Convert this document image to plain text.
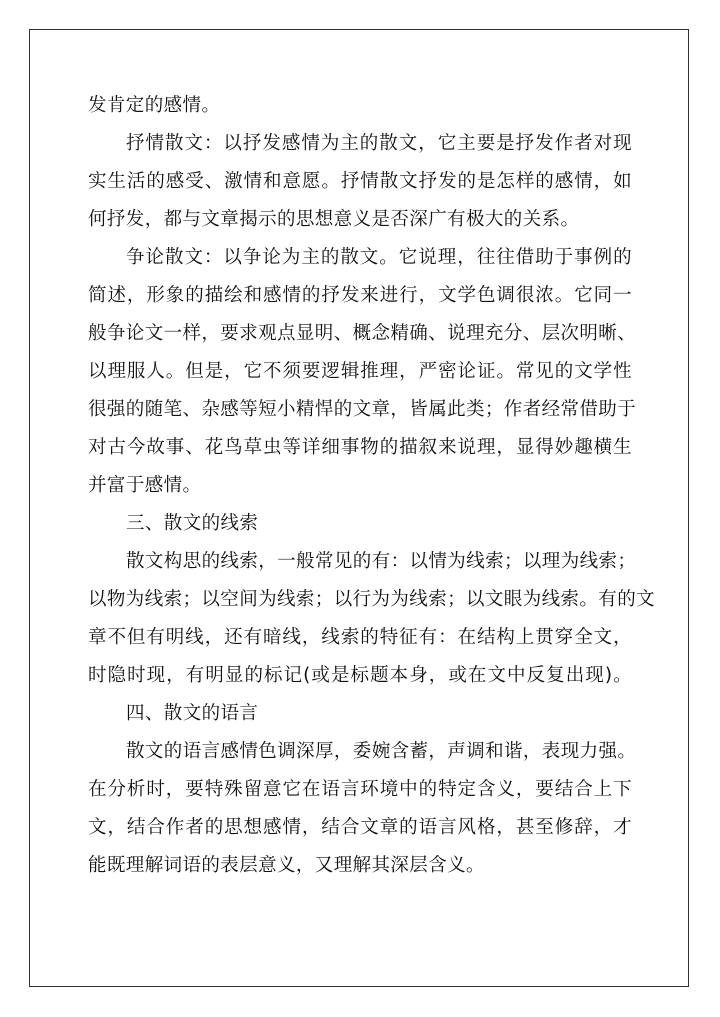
发肯定的感情。
抒情散文：以抒发感情为主的散文，它主要是抒发作者对现
实生活的感受、激情和意愿。抒情散文抒发的是怎样的感情，如
何抒发，都与文章揭示的思想意义是否深广有极大的关系。
争论散文：以争论为主的散文。它说理，往往借助于事例的
简述，形象的描绘和感情的抒发来进行，文学色调很浓。它同一
般争论文一样，要求观点显明、概念精确、说理充分、层次明晰、
以理服人。但是，它不须要逻辑推理，严密论证。常见的文学性
很强的随笔、杂感等短小精悍的文章，皆属此类；作者经常借助于
对古今故事、花鸟草虫等详细事物的描叙来说理，显得妙趣横生
并富于感情。
三、散文的线索
散文构思的线索，一般常见的有：以情为线索；以理为线索；
以物为线索；以空间为线索；以行为为线索；以文眼为线索。有的文
章不但有明线，还有暗线，线索的特征有：在结构上贯穿全文，
时隐时现，有明显的标记(或是标题本身，或在文中反复出现)。
四、散文的语言
散文的语言感情色调深厚，委婉含蓄，声调和谐，表现力强。
在分析时，要特殊留意它在语言环境中的特定含义，要结合上下
文，结合作者的思想感情，结合文章的语言风格，甚至修辞，才
能既理解词语的表层意义，又理解其深层含义。
